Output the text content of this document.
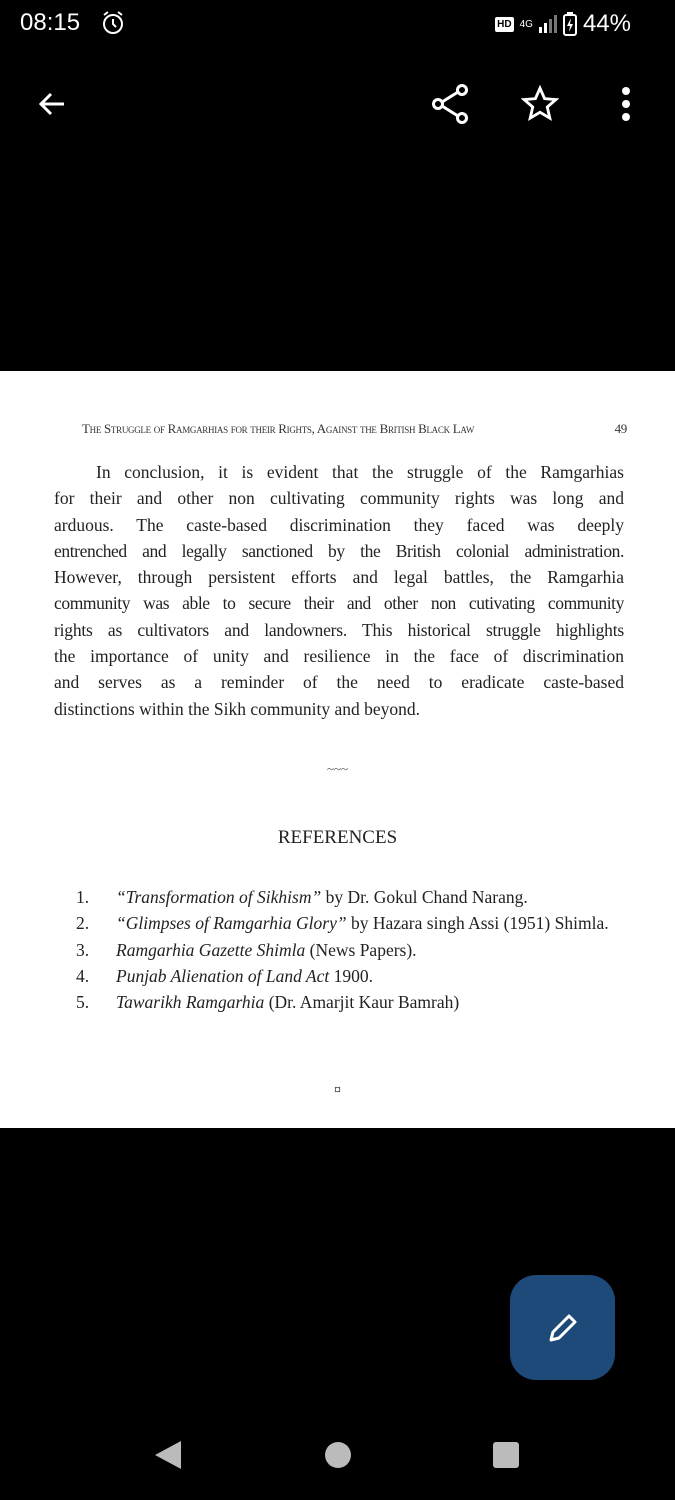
08:15	HD 4G 44%
The Struggle of Ramgarhias for their Rights, Against the British Black Law	49
In conclusion, it is evident that the struggle of the Ramgarhias
for their and other non cultivating community rights was long and
arduous. The caste-based discrimination they faced was deeply
entrenched and legally sanctioned by the British colonial administration.
However, through persistent efforts and legal battles, the Ramgarhia
community was able to secure their and other non cutivating community
rights as cultivators and landowners. This historical struggle highlights
the importance of unity and resilience in the face of discrimination
and serves as a reminder of the need to eradicate caste-based
distinctions within the Sikh community and beyond.
~~~
REFERENCES
1.	“Transformation of Sikhism” by Dr. Gokul Chand Narang.
2.	“Glimpses of Ramgarhia Glory” by Hazara singh Assi (1951) Shimla.
3.	Ramgarhia Gazette Shimla (News Papers).
4.	Punjab Alienation of Land Act 1900.
5.	Tawarikh Ramgarhia (Dr. Amarjit Kaur Bamrah)
¤
